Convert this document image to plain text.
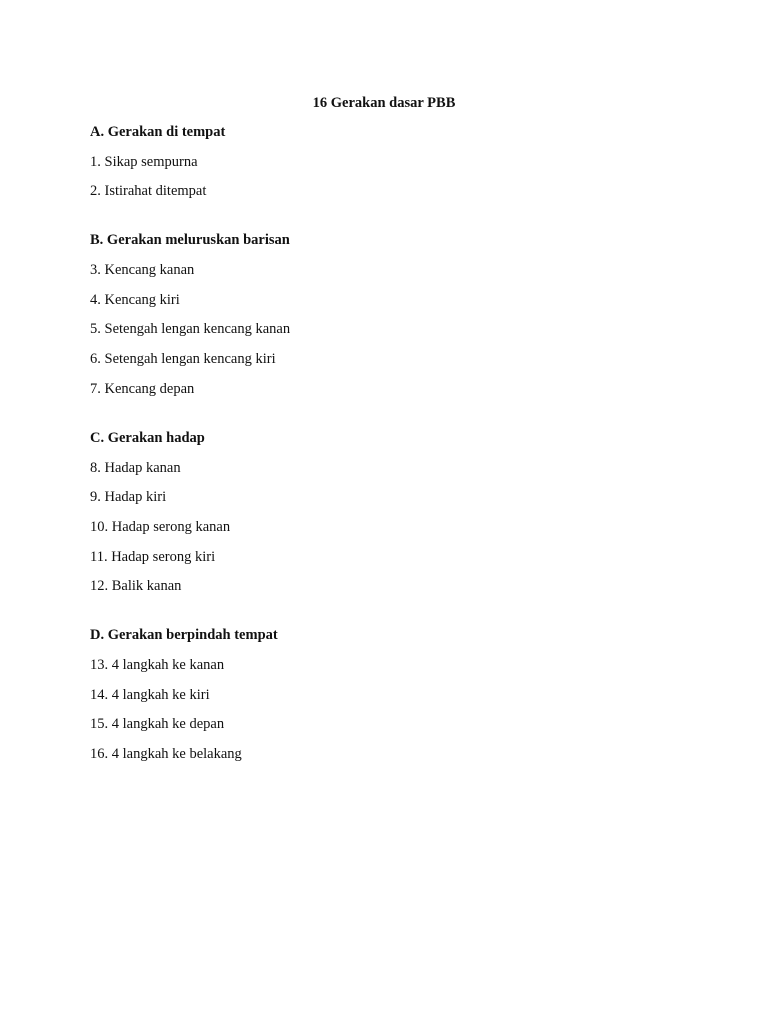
16 Gerakan dasar PBB
A. Gerakan di tempat
1. Sikap sempurna
2. Istirahat ditempat
B. Gerakan meluruskan barisan
3. Kencang kanan
4. Kencang kiri
5. Setengah lengan kencang kanan
6. Setengah lengan kencang kiri
7. Kencang depan
C. Gerakan hadap
8. Hadap kanan
9. Hadap kiri
10. Hadap serong kanan
11. Hadap serong kiri
12. Balik kanan
D. Gerakan berpindah tempat
13. 4 langkah ke kanan
14. 4 langkah ke kiri
15. 4 langkah ke depan
16. 4 langkah ke belakang
